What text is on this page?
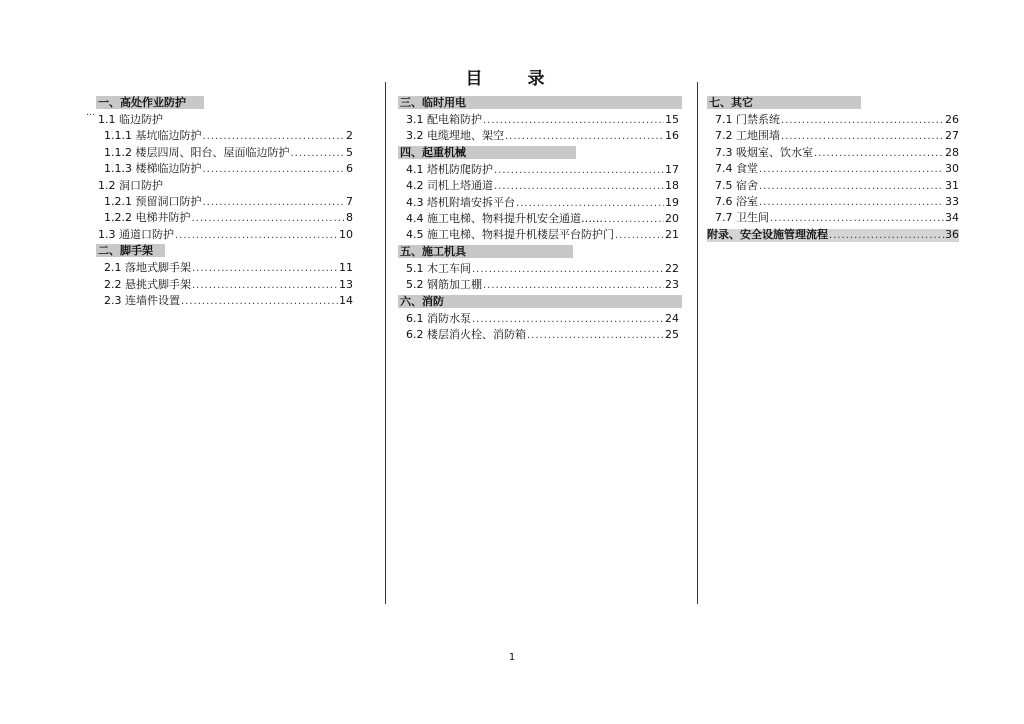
目　录
…
一、高处作业防护
1.1 临边防护
1.1.1 基坑临边防护 .....	2
1.1.2 楼层四周、阳台、屋面临边防护 .....	5
1.1.3 楼梯临边防护 .....	6
1.2 洞口防护
1.2.1 预留洞口防护 .....	7
1.2.2 电梯井防护 .....	8
1.3 通道口防护 .....	10
二、脚手架
2.1 落地式脚手架 .....	11
2.2 悬挑式脚手架 .....	13
2.3 连墙件设置 .....	14
三、临时用电
3.1 配电箱防护 .....	15
3.2 电缆埋地、架空 .....	16
四、起重机械
4.1 塔机防爬防护 .....	17
4.2 司机上塔通道 .....	18
4.3 塔机附墙安拆平台 .....	19
4.4 施工电梯、物料提升机安全通道…… .....	20
4.5 施工电梯、物料提升机楼层平台防护门 .....	21
五、施工机具
5.1 木工车间 .....	22
5.2 钢筋加工棚 .....	23
六、消防
6.1 消防水泵 .....	24
6.2 楼层消火栓、消防箱 .....	25
七、其它
7.1 门禁系统 .....	26
7.2 工地围墙 .....	27
7.3 吸烟室、饮水室 .....	28
7.4 食堂 .....	30
7.5 宿舍 .....	31
7.6 浴室 .....	33
7.7 卫生间 .....	34
附录、安全设施管理流程 .....	36
1
